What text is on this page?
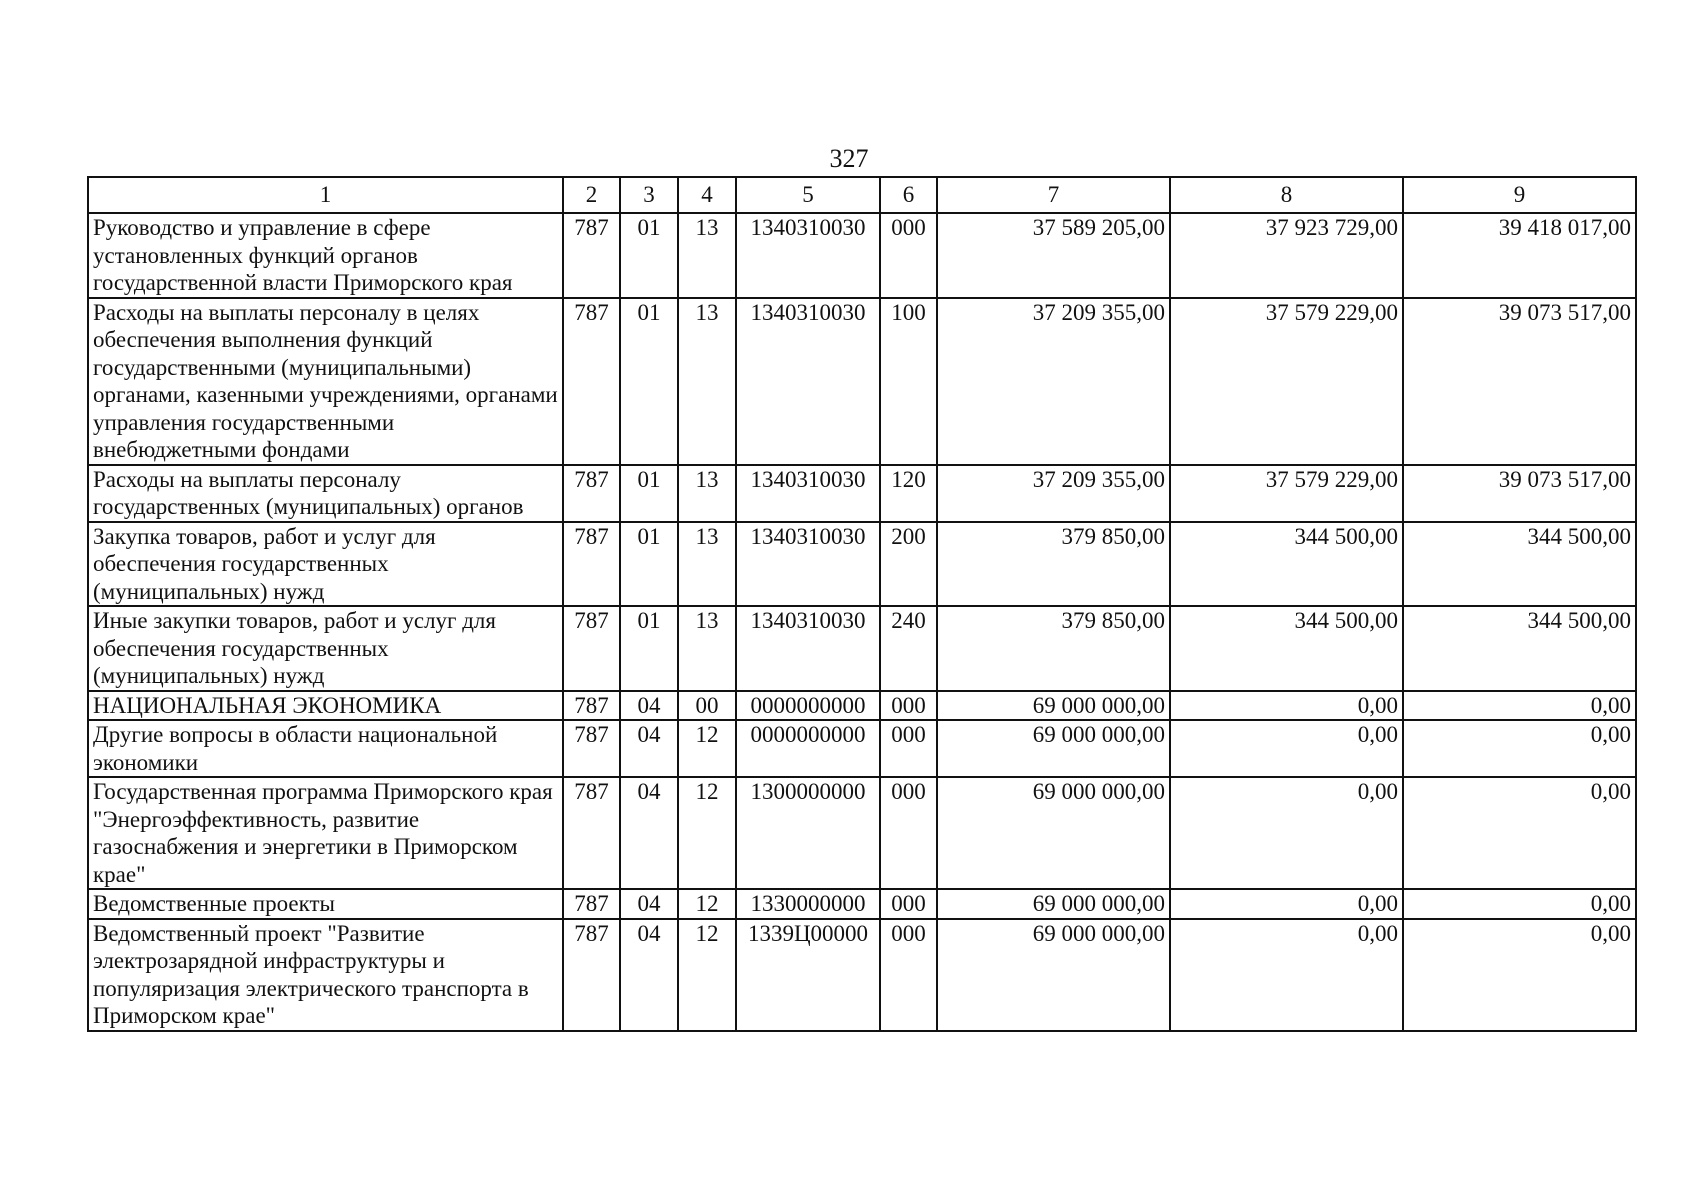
327
1	2	3	4	5	6	7	8	9
Руководство и управление в сфере установленных функций органов государственной власти Приморского края	787	01	13	1340310030	000	37 589 205,00	37 923 729,00	39 418 017,00
Расходы на выплаты персоналу в целях обеспечения выполнения функций государственными (муниципальными) органами, казенными учреждениями, органами управления государственными внебюджетными фондами	787	01	13	1340310030	100	37 209 355,00	37 579 229,00	39 073 517,00
Расходы на выплаты персоналу государственных (муниципальных) органов	787	01	13	1340310030	120	37 209 355,00	37 579 229,00	39 073 517,00
Закупка товаров, работ и услуг для обеспечения государственных (муниципальных) нужд	787	01	13	1340310030	200	379 850,00	344 500,00	344 500,00
Иные закупки товаров, работ и услуг для обеспечения государственных (муниципальных) нужд	787	01	13	1340310030	240	379 850,00	344 500,00	344 500,00
НАЦИОНАЛЬНАЯ ЭКОНОМИКА	787	04	00	0000000000	000	69 000 000,00	0,00	0,00
Другие вопросы в области национальной экономики	787	04	12	0000000000	000	69 000 000,00	0,00	0,00
Государственная программа Приморского края "Энергоэффективность, развитие газоснабжения и энергетики в Приморском крае"	787	04	12	1300000000	000	69 000 000,00	0,00	0,00
Ведомственные проекты	787	04	12	1330000000	000	69 000 000,00	0,00	0,00
Ведомственный проект "Развитие электрозарядной инфраструктуры и популяризация электрического транспорта в Приморском крае"	787	04	12	1339Ц00000	000	69 000 000,00	0,00	0,00
